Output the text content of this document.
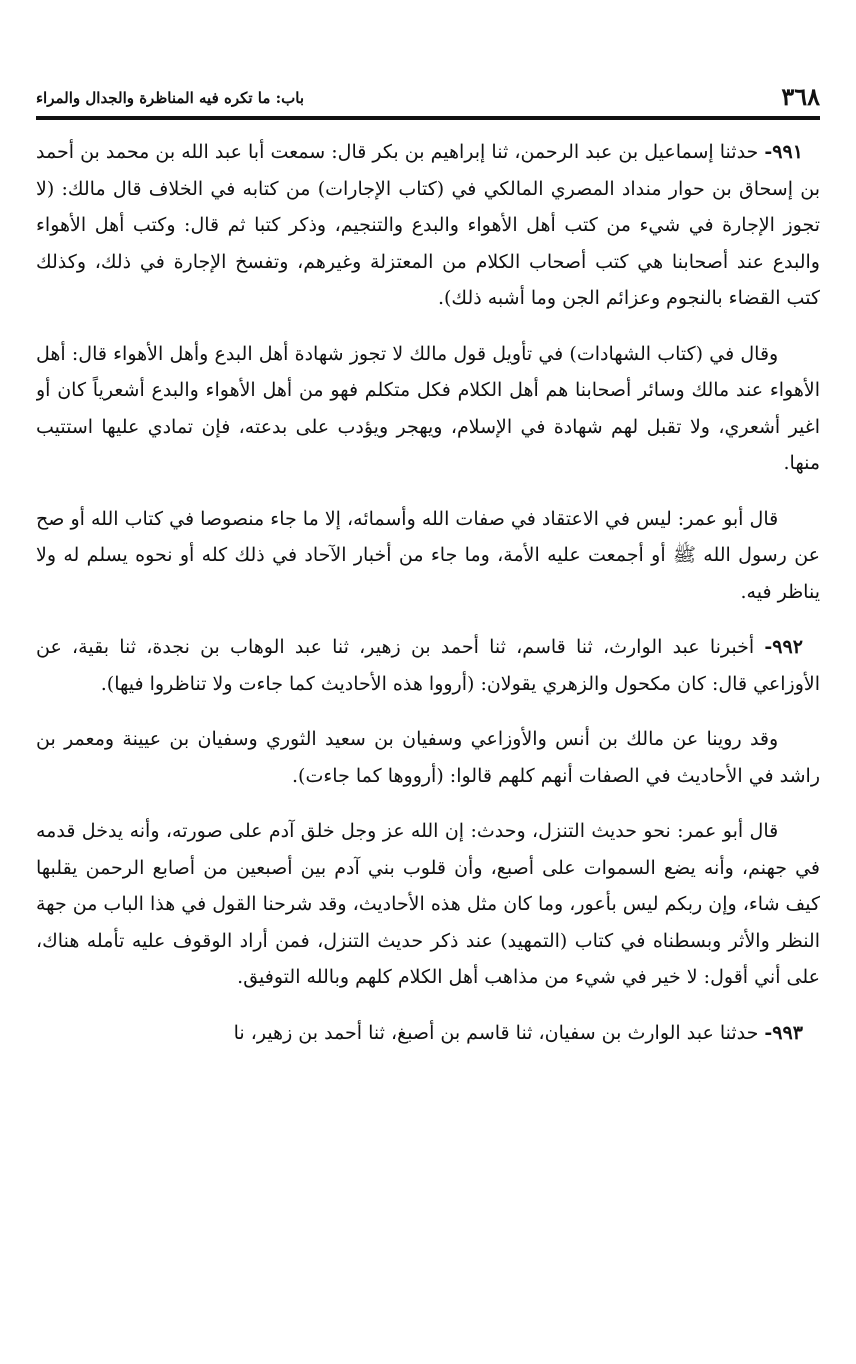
٣٦٨
باب: ما تكره فيه المناظرة والجدال والمراء

٩٩١- حدثنا إسماعيل بن عبد الرحمن، ثنا إبراهيم بن بكر قال: سمعت أبا عبد الله بن محمد بن أحمد بن إسحاق بن حوار منداد المصري المالكي في (كتاب الإجارات) من كتابه في الخلاف قال مالك: (لا تجوز الإجارة في شيء من كتب أهل الأهواء والبدع والتنجيم، وذكر كتبا ثم قال: وكتب أهل الأهواء والبدع عند أصحابنا هي كتب أصحاب الكلام من المعتزلة وغيرهم، وتفسخ الإجارة في ذلك، وكذلك كتب القضاء بالنجوم وعزائم الجن وما أشبه ذلك).

وقال في (كتاب الشهادات) في تأويل قول مالك لا تجوز شهادة أهل البدع وأهل الأهواء قال: أهل الأهواء عند مالك وسائر أصحابنا هم أهل الكلام فكل متكلم فهو من أهل الأهواء والبدع أشعرياً كان أو اغير أشعري، ولا تقبل لهم شهادة في الإسلام، ويهجر ويؤدب على بدعته، فإن تمادي عليها استتيب منها.

قال أبو عمر: ليس في الاعتقاد في صفات الله وأسمائه، إلا ما جاء منصوصا في كتاب الله أو صح عن رسول الله ﷺ أو أجمعت عليه الأمة، وما جاء من أخبار الآحاد في ذلك كله أو نحوه يسلم له ولا يناظر فيه.

٩٩٢- أخبرنا عبد الوارث، ثنا قاسم، ثنا أحمد بن زهير، ثنا عبد الوهاب بن نجدة، ثنا بقية، عن الأوزاعي قال: كان مكحول والزهري يقولان: (أرووا هذه الأحاديث كما جاءت ولا تناظروا فيها).

وقد روينا عن مالك بن أنس والأوزاعي وسفيان بن سعيد الثوري وسفيان بن عيينة ومعمر بن راشد في الأحاديث في الصفات أنهم كلهم قالوا: (أرووها كما جاءت).

قال أبو عمر: نحو حديث التنزل، وحدث: إن الله عز وجل خلق آدم على صورته، وأنه يدخل قدمه في جهنم، وأنه يضع السموات على أصبع، وأن قلوب بني آدم بين أصبعين من أصابع الرحمن يقلبها كيف شاء، وإن ربكم ليس بأعور، وما كان مثل هذه الأحاديث، وقد شرحنا القول في هذا الباب من جهة النظر والأثر وبسطناه في كتاب (التمهيد) عند ذكر حديث التنزل، فمن أراد الوقوف عليه تأمله هناك، على أني أقول: لا خير في شيء من مذاهب أهل الكلام كلهم وبالله التوفيق.

٩٩٣- حدثنا عبد الوارث بن سفيان، ثنا قاسم بن أصبغ، ثنا أحمد بن زهير، نا
